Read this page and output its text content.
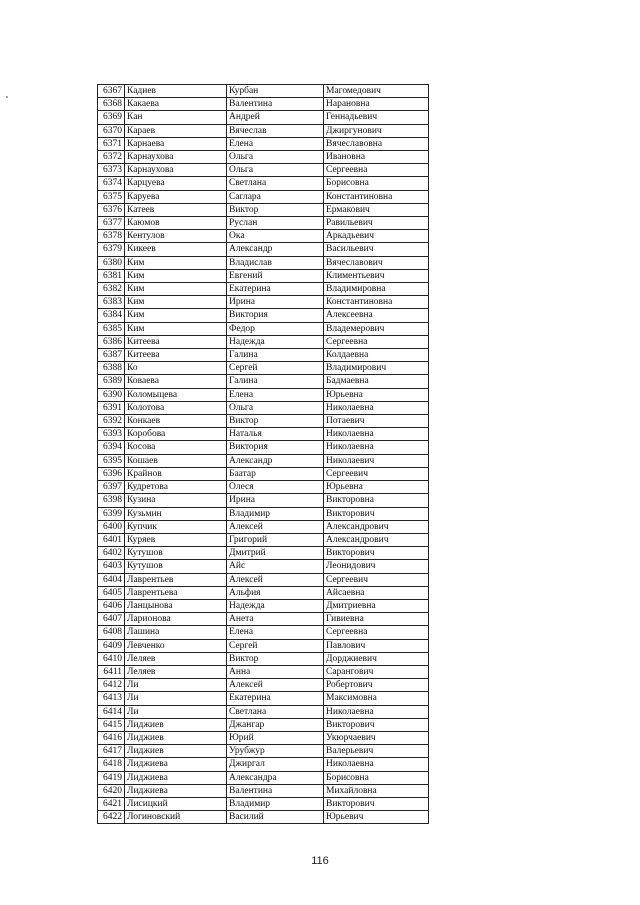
6367	Кадиев	Курбан	Магомедович
6368	Какаева	Валентина	Нарановна
6369	Кан	Андрей	Геннадьевич
6370	Караев	Вячеслав	Джиргунович
6371	Карнаева	Елена	Вячеславовна
6372	Карнаухова	Ольга	Ивановна
6373	Карнаухова	Ольга	Сергеевна
6374	Карцуева	Светлана	Борисовна
6375	Каруева	Саглара	Константиновна
6376	Катеев	Виктор	Ермакович
6377	Каюмов	Руслан	Равильевич
6378	Кентулов	Ока	Аркадьевич
6379	Кикеев	Александр	Васильевич
6380	Ким	Владислав	Вячеславович
6381	Ким	Евгений	Климентьевич
6382	Ким	Екатерина	Владимировна
6383	Ким	Ирина	Константиновна
6384	Ким	Виктория	Алексеевна
6385	Ким	Федор	Владемерович
6386	Китеева	Надежда	Сергеевна
6387	Китеева	Галина	Колдаевна
6388	Ко	Сергей	Владимирович
6389	Коваева	Галина	Бадмаевна
6390	Коломыцева	Елена	Юрьевна
6391	Колотова	Ольга	Николаевна
6392	Конкаев	Виктор	Потаевич
6393	Коробова	Наталья	Николаевна
6394	Косова	Виктория	Николаевна
6395	Кошаев	Александр	Николаевич
6396	Крайнов	Баатар	Сергеевич
6397	Кудретова	Олеся	Юрьевна
6398	Кузина	Ирина	Викторовна
6399	Кузьмин	Владимир	Викторович
6400	Купчик	Алексей	Александрович
6401	Куряев	Григорий	Александрович
6402	Кутушов	Дмитрий	Викторович
6403	Кутушов	Айс	Леонидович
6404	Лаврентьев	Алексей	Сергеевич
6405	Лаврентьева	Альфия	Айсаевна
6406	Ланцынова	Надежда	Дмитриевна
6407	Ларионова	Анета	Гивиевна
6408	Лашина	Елена	Сергеевна
6409	Левченко	Сергей	Павлович
6410	Леляев	Виктор	Дорджиевич
6411	Леляев	Анна	Сарангович
6412	Ли	Алексей	Робертович
6413	Ли	Екатерина	Максимовна
6414	Ли	Светлана	Николаевна
6415	Лиджиев	Джангар	Викторович
6416	Лиджиев	Юрий	Укюрчаевич
6417	Лиджиев	Урубжур	Валерьевич
6418	Лиджиева	Джиргал	Николаевна
6419	Лиджиева	Александра	Борисовна
6420	Лиджиева	Валентина	Михайловна
6421	Лисицкий	Владимир	Викторович
6422	Логиновский	Василий	Юрьевич
116
